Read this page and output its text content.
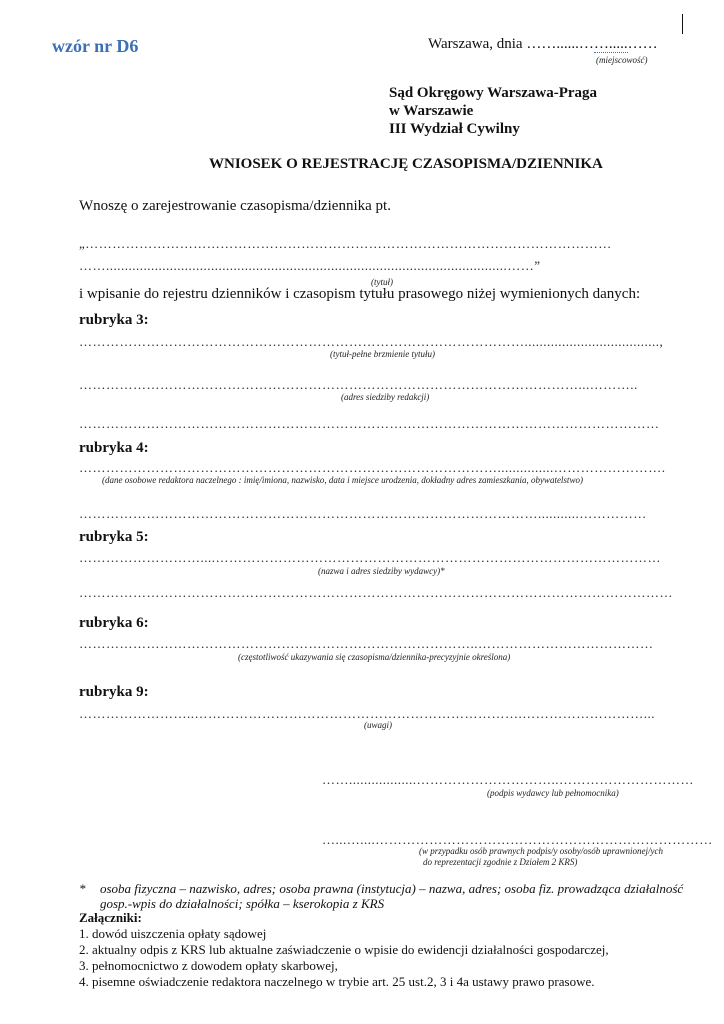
wzór nr D6	Warszawa, dnia ……......…….....……
(miejscowość)
Sąd Okręgowy Warszawa-Praga
w Warszawie
III Wydział Cywilny
WNIOSEK O REJESTRACJĘ CZASOPISMA/DZIENNIKA
Wnoszę o zarejestrowanie czasopisma/dziennika pt.
„………………………………………………………………………………………………………
……...........................................................................................................……”
(tytuł)
i wpisanie do rejestru dzienników i czasopism tytułu prasowego niżej wymienionych danych:
rubryka 3:
………………………………………………………………………………………....................................,
(tytuł-pełne brzmienie tytułu)
…………………………………………………………………………………………………...………..
(adres siedziby redakcji)
…………………………………………………………………………………………………………………
rubryka 4:
…………………………………………………………………………………...............…………………….
(dane osobowe redaktora naczelnego : imię/imiona, nazwisko, data i miejsce urodzenia, dokładny adres zamieszkania, obywatelstwo)
…………………………………………………………………………………………...........……………
rubryka 5:
………………………....………………………………………………………………………………………
(nazwa i adres siedziby wydawcy)*
……………………………………………………………………………………………………………………
rubryka 6:
……………………………………………………………………………..…………………………………
(częstotliwość ukazywania się czasopisma/dziennika-precyzyjnie określona)
rubryka 9:
……………………..……………………………………………………………….………………………...
(uwagi)
……..................…………………………..…………………………
(podpis wydawcy lub pełnomocnika)
…...…....…………………………………………………………………
(w przypadku osób prawnych podpis/y osoby/osób uprawnionej/ych
do reprezentacji zgodnie z Działem 2 KRS)
* osoba fizyczna – nazwisko, adres; osoba prawna (instytucja) – nazwa, adres; osoba fiz. prowadząca działalność
gosp.-wpis do działalności; spółka – kserokopia z KRS
Załączniki:
1. dowód uiszczenia opłaty sądowej
2. aktualny odpis z KRS lub aktualne zaświadczenie o wpisie do ewidencji działalności gospodarczej,
3. pełnomocnictwo z dowodem opłaty skarbowej,
4. pisemne oświadczenie redaktora naczelnego w trybie art. 25 ust.2, 3 i 4a ustawy prawo prasowe.
